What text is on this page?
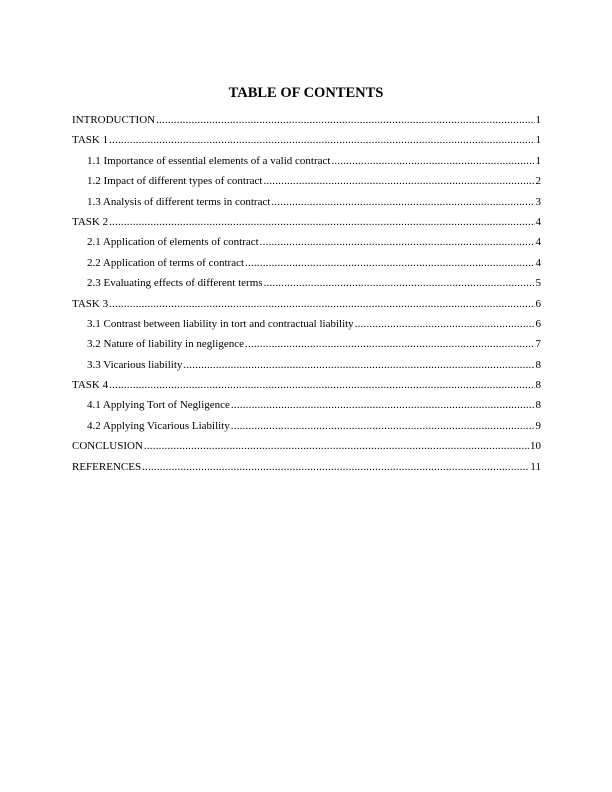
TABLE OF CONTENTS
INTRODUCTION .....	1
TASK 1 .....	1
1.1 Importance of essential elements of a valid contract .....	1
1.2 Impact of different types of contract .....	2
1.3 Analysis of different terms in contract .....	3
TASK 2 .....	4
2.1 Application of elements of contract .....	4
2.2 Application of terms of contract .....	4
2.3 Evaluating effects of different terms .....	5
TASK 3 .....	6
3.1 Contrast between liability in tort and contractual liability .....	6
3.2 Nature of liability in negligence .....	7
3.3 Vicarious liability .....	8
TASK 4 .....	8
4.1 Applying Tort of Negligence .....	8
4.2 Applying Vicarious Liability .....	9
CONCLUSION .....	10
REFERENCES .....	11
